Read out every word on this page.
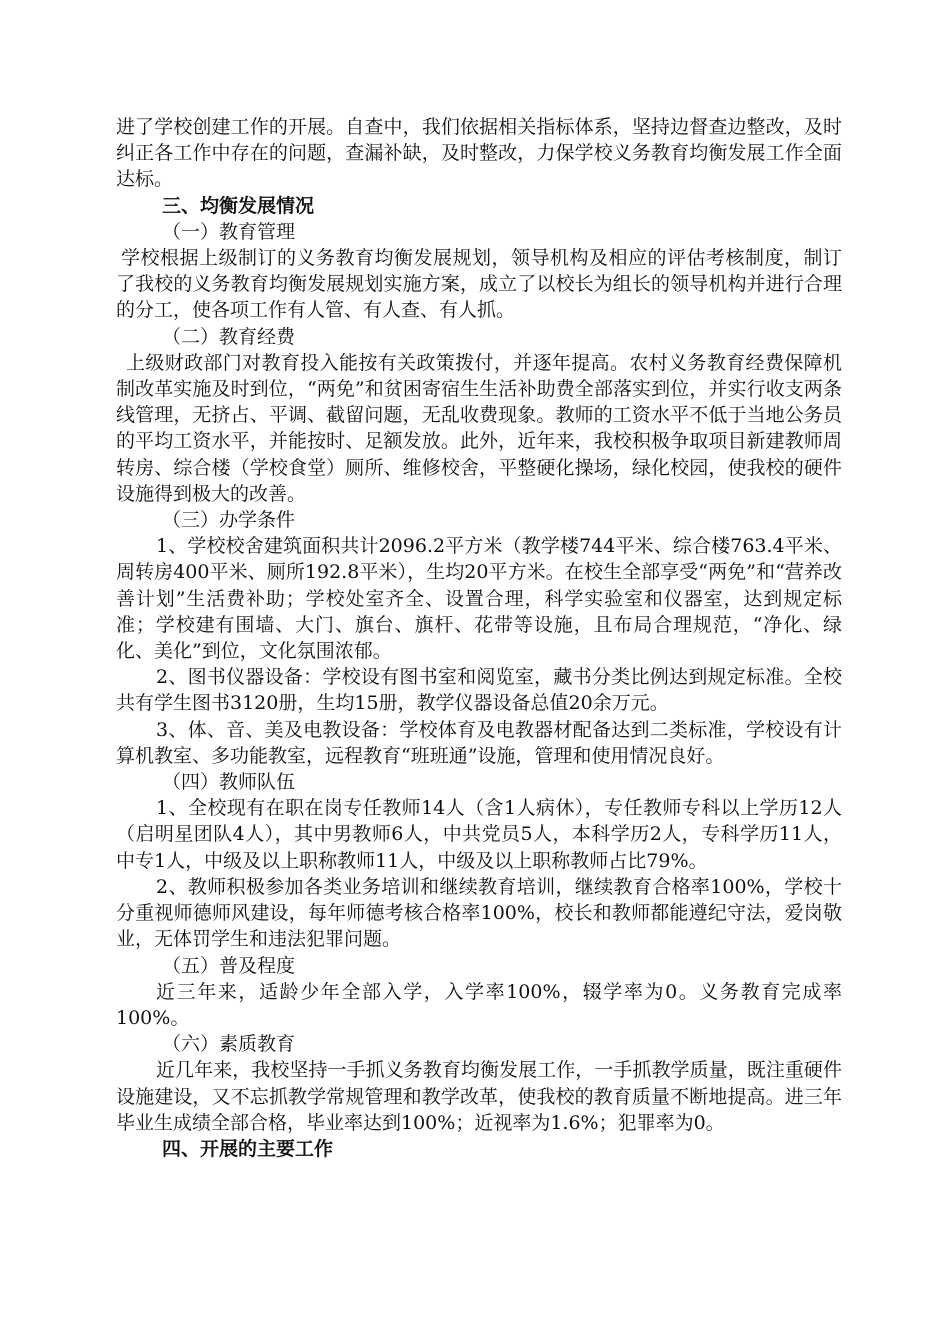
进了学校创建工作的开展。自查中，我们依据相关指标体系，坚持边督查边整改，及时纠正各工作中存在的问题，查漏补缺，及时整改，力保学校义务教育均衡发展工作全面达标。

三、均衡发展情况

（一）教育管理

学校根据上级制订的义务教育均衡发展规划，领导机构及相应的评估考核制度，制订了我校的义务教育均衡发展规划实施方案，成立了以校长为组长的领导机构并进行合理的分工，使各项工作有人管、有人查、有人抓。

（二）教育经费

上级财政部门对教育投入能按有关政策拨付，并逐年提高。农村义务教育经费保障机制改革实施及时到位，“两免”和贫困寄宿生生活补助费全部落实到位，并实行收支两条线管理，无挤占、平调、截留问题，无乱收费现象。教师的工资水平不低于当地公务员的平均工资水平，并能按时、足额发放。此外，近年来，我校积极争取项目新建教师周转房、综合楼（学校食堂）厕所、维修校舍，平整硬化操场，绿化校园，使我校的硬件设施得到极大的改善。

（三）办学条件

1、学校校舍建筑面积共计2096.2平方米（教学楼744平米、综合楼763.4平米、周转房400平米、厕所192.8平米），生均20平方米。在校生全部享受“两免”和“营养改善计划”生活费补助；学校处室齐全、设置合理，科学实验室和仪器室，达到规定标准；学校建有围墙、大门、旗台、旗杆、花带等设施，且布局合理规范，“净化、绿化、美化”到位，文化氛围浓郁。

2、图书仪器设备：学校设有图书室和阅览室，藏书分类比例达到规定标准。全校共有学生图书3120册，生均15册，教学仪器设备总值20余万元。

3、体、音、美及电教设备：学校体育及电教器材配备达到二类标准，学校设有计算机教室、多功能教室，远程教育“班班通”设施，管理和使用情况良好。

（四）教师队伍

1、全校现有在职在岗专任教师14人（含1人病休），专任教师专科以上学历12人（启明星团队4人），其中男教师6人，中共党员5人，本科学历2人，专科学历11人，中专1人，中级及以上职称教师11人，中级及以上职称教师占比79%。

2、教师积极参加各类业务培训和继续教育培训，继续教育合格率100%，学校十分重视师德师风建设，每年师德考核合格率100%，校长和教师都能遵纪守法，爱岗敬业，无体罚学生和违法犯罪问题。

（五）普及程度

近三年来，适龄少年全部入学，入学率100%，辍学率为0。义务教育完成率100%。

（六）素质教育

近几年来，我校坚持一手抓义务教育均衡发展工作，一手抓教学质量，既注重硬件设施建设，又不忘抓教学常规管理和教学改革，使我校的教育质量不断地提高。进三年毕业生成绩全部合格，毕业率达到100%；近视率为1.6%；犯罪率为0。

四、开展的主要工作
